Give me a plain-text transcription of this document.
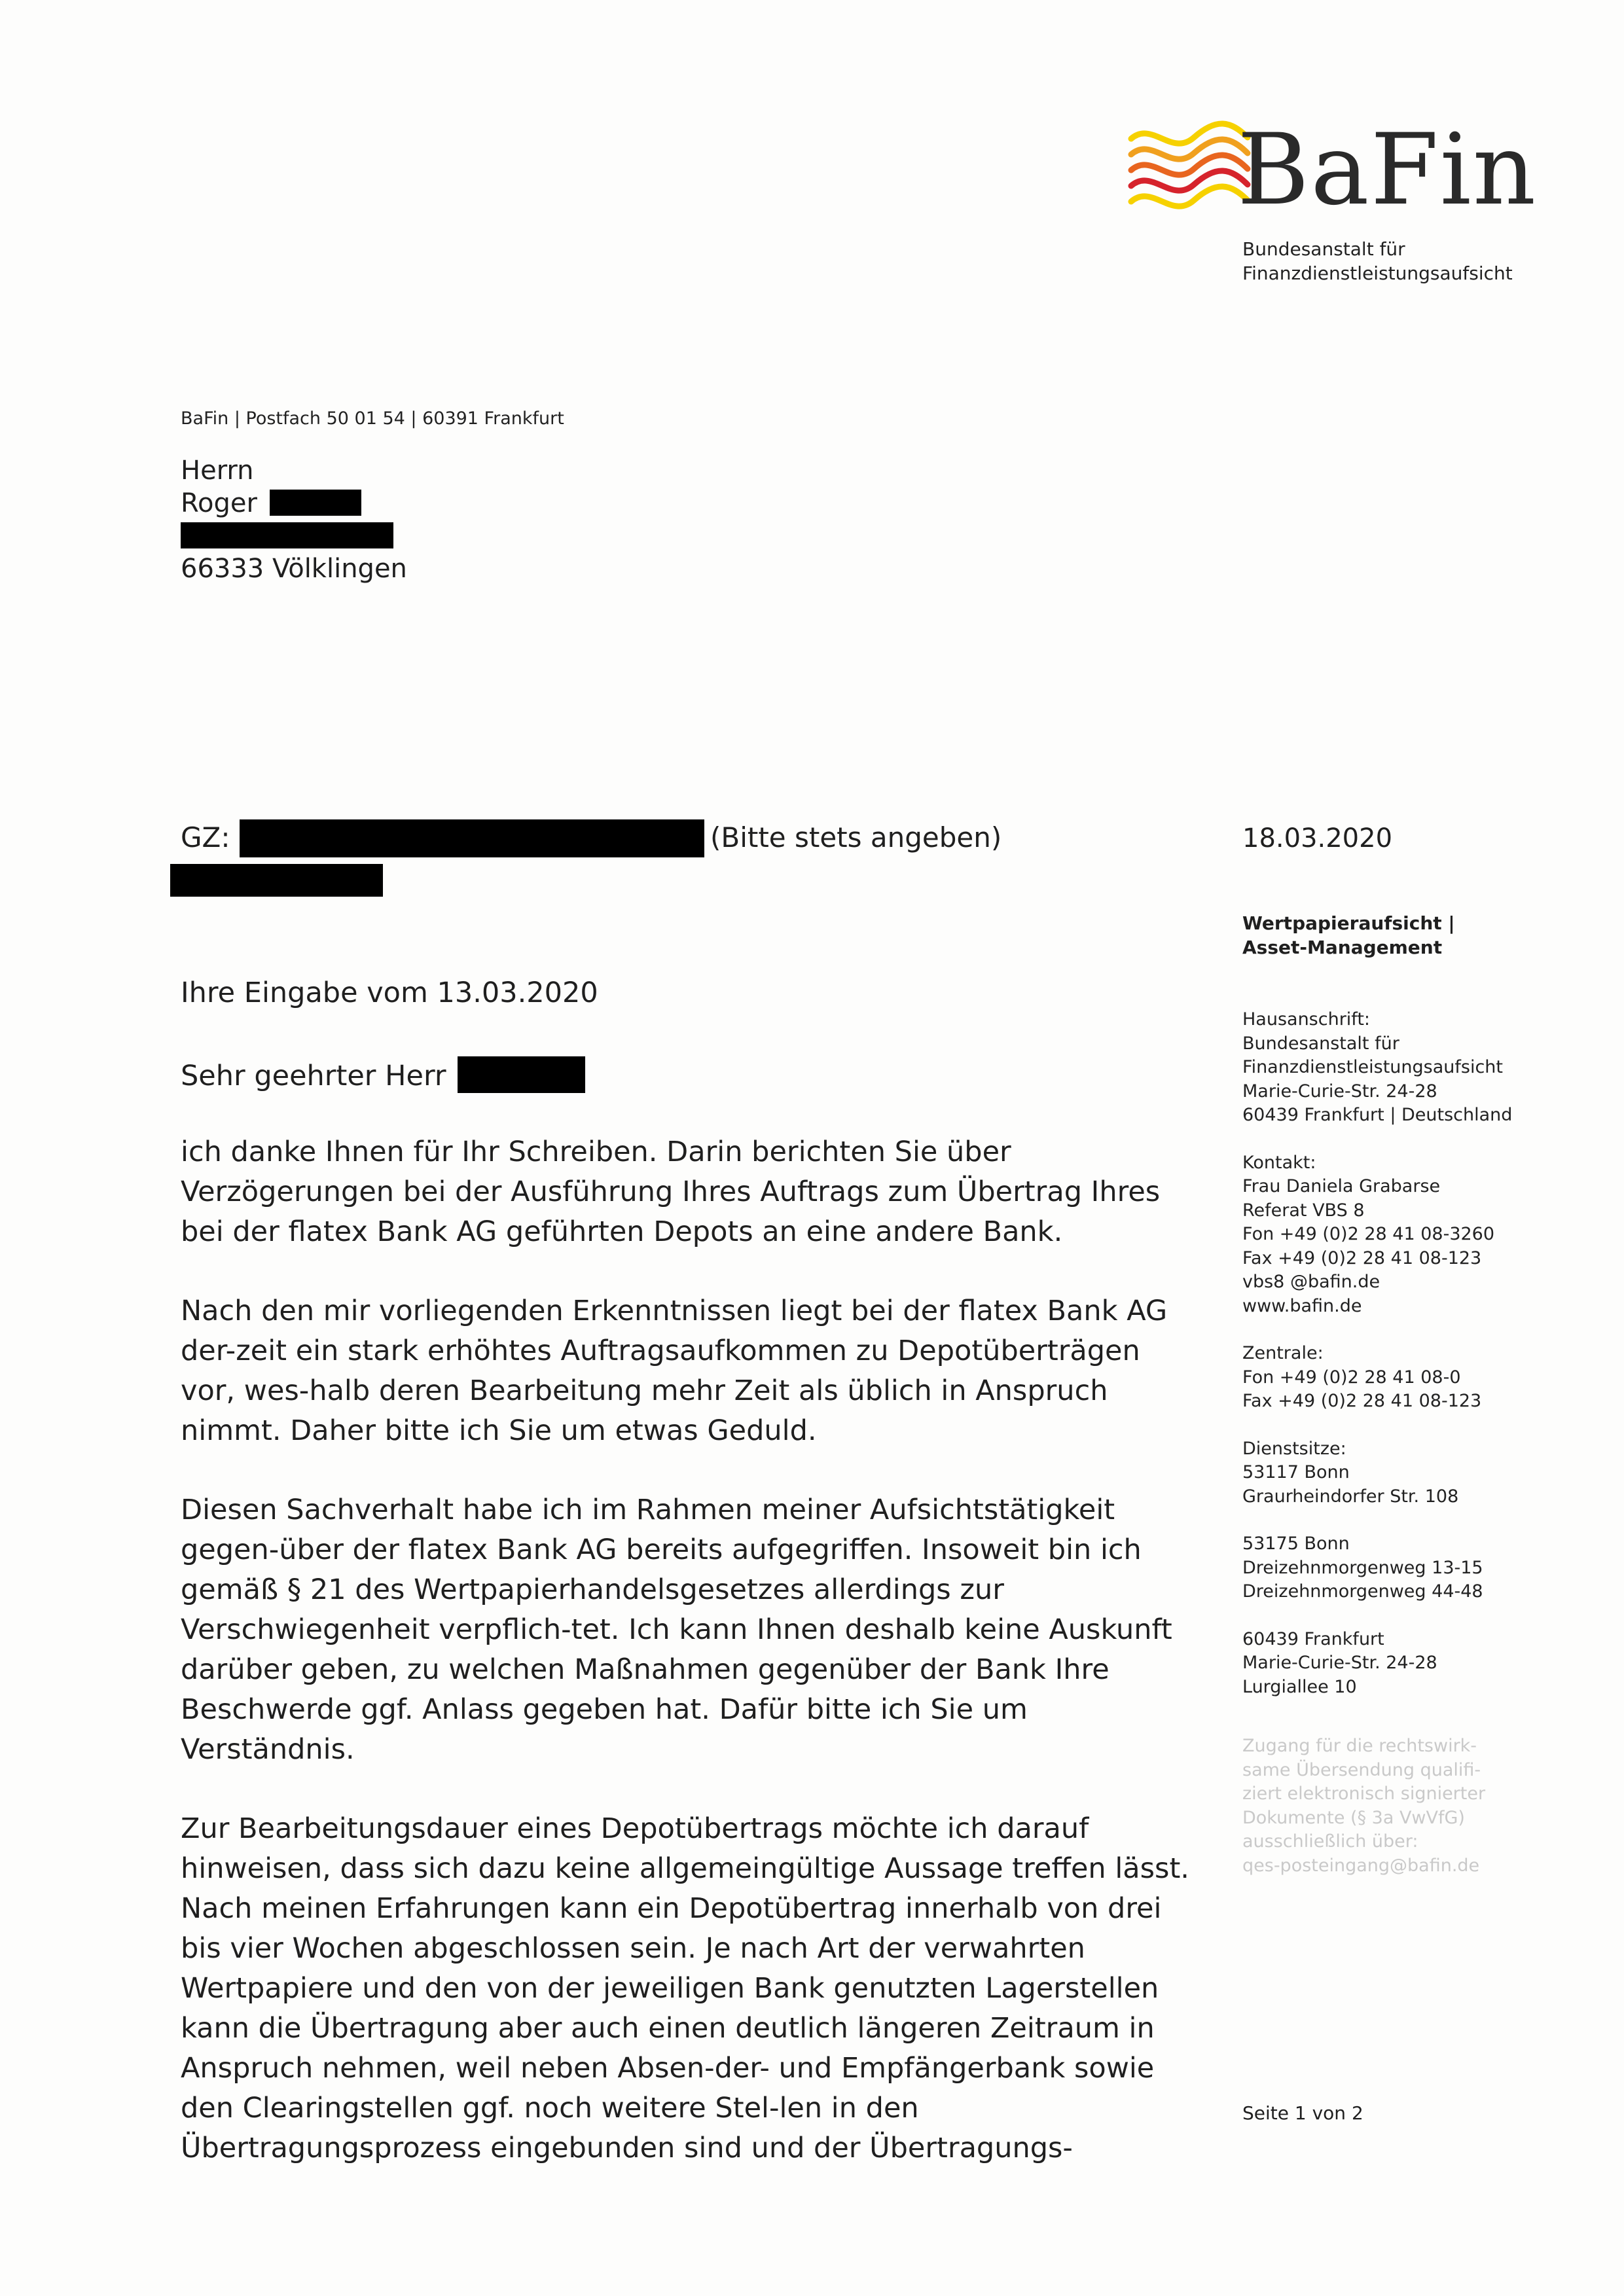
BaFin
Bundesanstalt für
Finanzdienstleistungsaufsicht
BaFin | Postfach 50 01 54 | 60391 Frankfurt
Herrn
Roger
66333 Völklingen
GZ:	(Bitte stets angeben)	18.03.2020
Wertpapieraufsicht |
Asset-Management
Ihre Eingabe vom 13.03.2020
Sehr geehrter Herr

ich danke Ihnen für Ihr Schreiben. Darin berichten Sie über Verzögerungen bei der Ausführung Ihres Auftrags zum Übertrag Ihres bei der flatex Bank AG geführten Depots an eine andere Bank.

Nach den mir vorliegenden Erkenntnissen liegt bei der flatex Bank AG der-zeit ein stark erhöhtes Auftragsaufkommen zu Depotüberträgen vor, wes-halb deren Bearbeitung mehr Zeit als üblich in Anspruch nimmt. Daher bitte ich Sie um etwas Geduld.

Diesen Sachverhalt habe ich im Rahmen meiner Aufsichtstätigkeit gegen-über der flatex Bank AG bereits aufgegriffen. Insoweit bin ich gemäß § 21 des Wertpapierhandelsgesetzes allerdings zur Verschwiegenheit verpflich-tet. Ich kann Ihnen deshalb keine Auskunft darüber geben, zu welchen Maßnahmen gegenüber der Bank Ihre Beschwerde ggf. Anlass gegeben hat. Dafür bitte ich Sie um Verständnis.

Zur Bearbeitungsdauer eines Depotübertrags möchte ich darauf hinweisen, dass sich dazu keine allgemeingültige Aussage treffen lässt. Nach meinen Erfahrungen kann ein Depotübertrag innerhalb von drei bis vier Wochen abgeschlossen sein. Je nach Art der verwahrten Wertpapiere und den von der jeweiligen Bank genutzten Lagerstellen kann die Übertragung aber auch einen deutlich längeren Zeitraum in Anspruch nehmen, weil neben Absen-der- und Empfängerbank sowie den Clearingstellen ggf. noch weitere Stel-len in den Übertragungsprozess eingebunden sind und der Übertragungs-

Hausanschrift:
Bundesanstalt für
Finanzdienstleistungsaufsicht
Marie-Curie-Str. 24-28
60439 Frankfurt | Deutschland
Kontakt:
Frau Daniela Grabarse
Referat VBS 8
Fon +49 (0)2 28 41 08-3260
Fax +49 (0)2 28 41 08-123
vbs8 @bafin.de
www.bafin.de
Zentrale:
Fon +49 (0)2 28 41 08-0
Fax +49 (0)2 28 41 08-123
Dienstsitze:
53117 Bonn
Graurheindorfer Str. 108
53175 Bonn
Dreizehnmorgenweg 13-15
Dreizehnmorgenweg 44-48
60439 Frankfurt
Marie-Curie-Str. 24-28
Lurgiallee 10
Zugang für die rechtswirk-
same Übersendung qualifi-
ziert elektronisch signierter
Dokumente (§ 3a VwVfG)
ausschließlich über:
qes-posteingang@bafin.de
Seite 1 von 2
